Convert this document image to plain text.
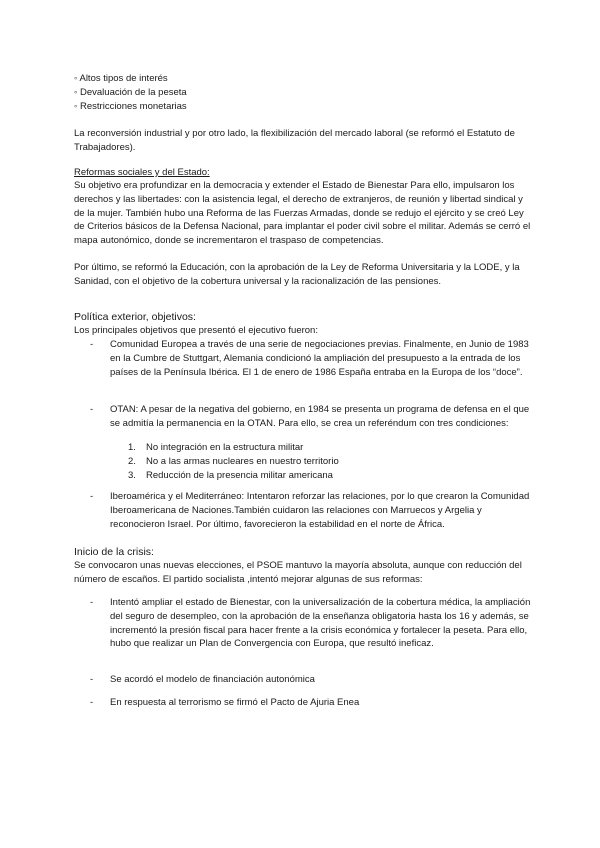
◦ Altos tipos de interés

◦ Devaluación de la peseta

◦ Restricciones monetarias

La reconversión industrial y por otro lado, la flexibilización del mercado laboral (se reformó el Estatuto de Trabajadores).

Reformas sociales y del Estado:

Su objetivo era profundizar en la democracia y extender el Estado de Bienestar Para ello, impulsaron los derechos y las libertades: con la asistencia legal, el derecho de extranjeros, de reunión y libertad sindical y de la mujer. También hubo una Reforma de las Fuerzas Armadas, donde se redujo el ejército y se creó Ley de Criterios básicos de la Defensa Nacional, para implantar el poder civil sobre el militar. Además se cerró el mapa autonómico, donde se incrementaron el traspaso de competencias.

Por último, se reformó la Educación, con la aprobación de la Ley de Reforma Universitaria y la LODE, y la Sanidad, con el objetivo de la cobertura universal y la racionalización de las pensiones.

Política exterior, objetivos:

Los principales objetivos que presentó el ejecutivo fueron:

- Comunidad Europea a través de una serie de negociaciones previas. Finalmente, en Junio de 1983 en la Cumbre de Stuttgart, Alemania condicionó la ampliación del presupuesto a la entrada de los países de la Península Ibérica. El 1 de enero de 1986 España entraba en la Europa de los “doce”.

- OTAN: A pesar de la negativa del gobierno, en 1984 se presenta un programa de defensa en el que se admitía la permanencia en la OTAN. Para ello, se crea un referéndum con tres condiciones:

1. No integración en la estructura militar
2. No a las armas nucleares en nuestro territorio
3. Reducción de la presencia militar americana
- Iberoamérica y el Mediterráneo: Intentaron reforzar las relaciones, por lo que crearon la Comunidad Iberoamericana de Naciones.También cuidaron las relaciones con Marruecos y Argelia y reconocieron Israel. Por último, favorecieron la estabilidad en el norte de África.

Inicio de la crisis:

Se convocaron unas nuevas elecciones, el PSOE mantuvo la mayoría absoluta, aunque con reducción del número de escaños. El partido socialista ,intentó mejorar algunas de sus reformas:

- Intentó ampliar el estado de Bienestar, con la universalización de la cobertura médica, la ampliación del seguro de desempleo, con la aprobación de la enseñanza obligatoria hasta los 16 y además, se incrementó la presión fiscal para hacer frente a la crisis económica y fortalecer la peseta. Para ello, hubo que realizar un Plan de Convergencia con Europa, que resultó ineficaz.

- Se acordó el modelo de financiación autonómica

- En respuesta al terrorismo se firmó el Pacto de Ajuria Enea
